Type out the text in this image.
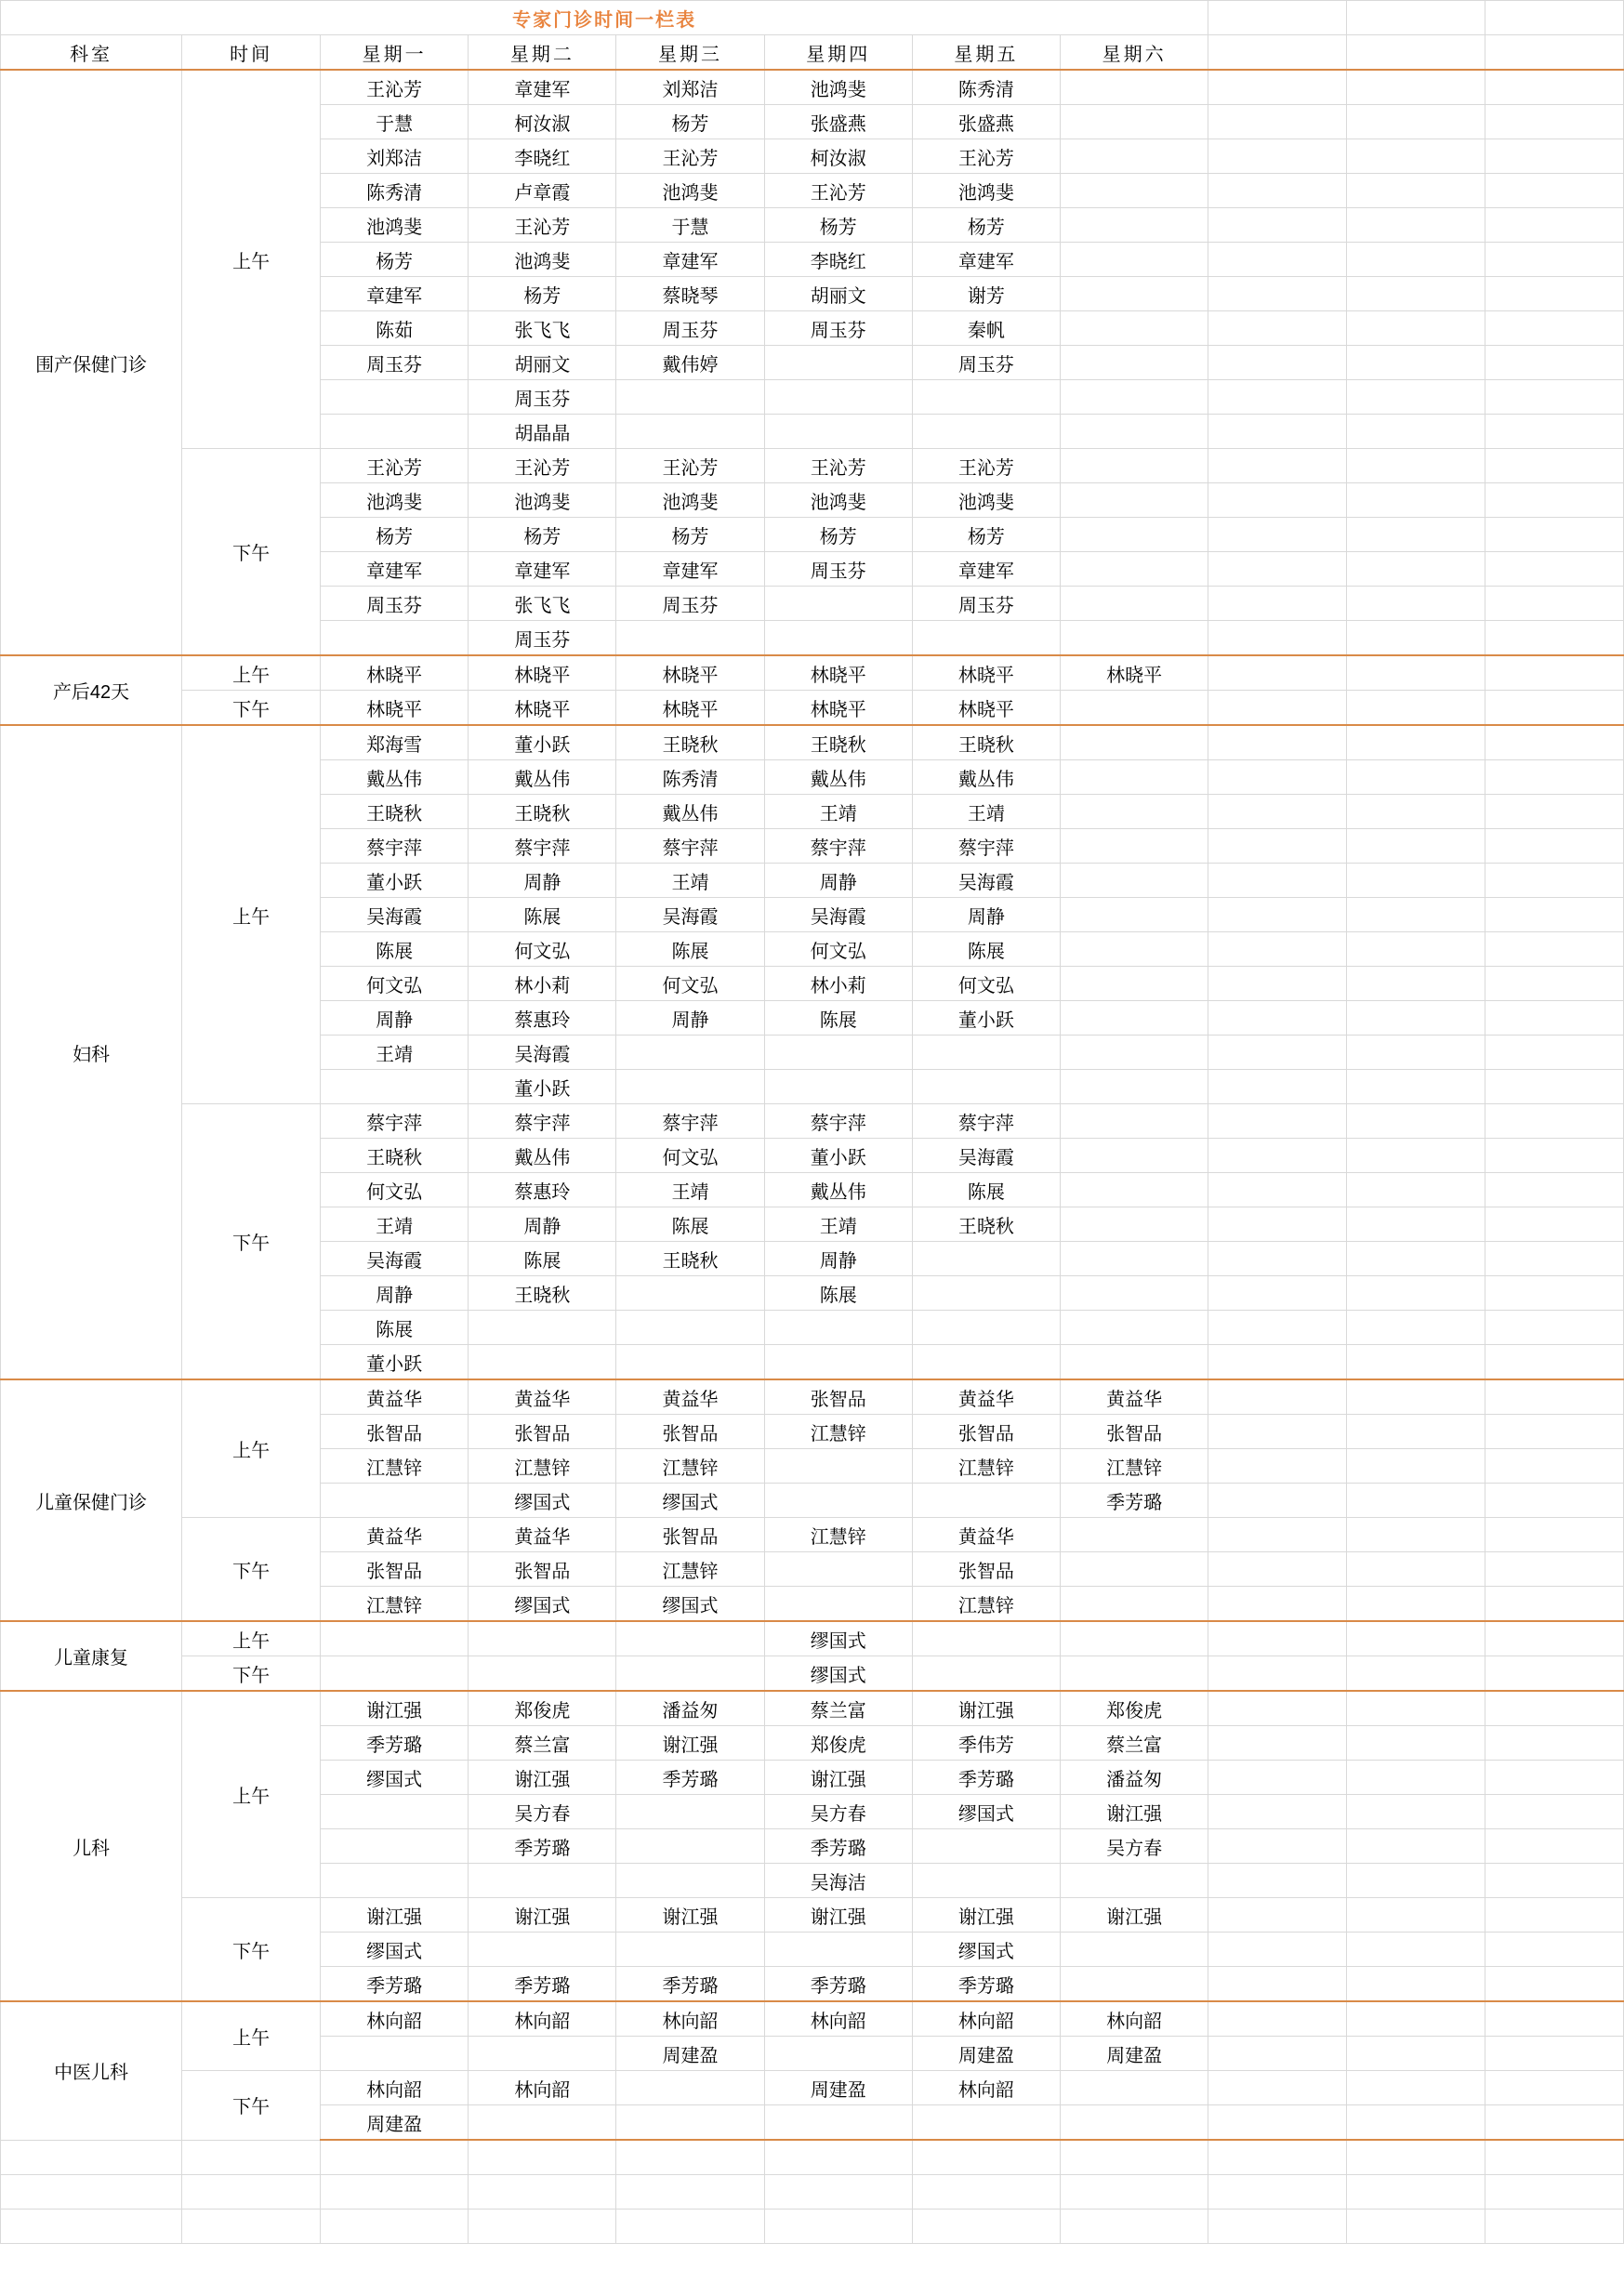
专家门诊时间一栏表										
科室	时间	星期一	星期二	星期三	星期四	星期五	星期六			
围产保健门诊	上午	王沁芳	章建军	刘郑洁	池鸿斐	陈秀清				
		于慧	柯汝淑	杨芳	张盛燕	张盛燕				
		刘郑洁	李晓红	王沁芳	柯汝淑	王沁芳				
		陈秀清	卢章霞	池鸿斐	王沁芳	池鸿斐				
		池鸿斐	王沁芳	于慧	杨芳	杨芳				
		杨芳	池鸿斐	章建军	李晓红	章建军				
		章建军	杨芳	蔡晓琴	胡丽文	谢芳				
		陈茹	张飞飞	周玉芬	周玉芬	秦帆				
		周玉芬	胡丽文	戴伟婷		周玉芬				
			周玉芬							
			胡晶晶							
	下午	王沁芳	王沁芳	王沁芳	王沁芳	王沁芳				
		池鸿斐	池鸿斐	池鸿斐	池鸿斐	池鸿斐				
		杨芳	杨芳	杨芳	杨芳	杨芳				
		章建军	章建军	章建军	周玉芬	章建军				
		周玉芬	张飞飞	周玉芬		周玉芬				
			周玉芬							
产后42天	上午	林晓平	林晓平	林晓平	林晓平	林晓平	林晓平			
	下午	林晓平	林晓平	林晓平	林晓平	林晓平				
妇科	上午	郑海雪	董小跃	王晓秋	王晓秋	王晓秋				
		戴丛伟	戴丛伟	陈秀清	戴丛伟	戴丛伟				
		王晓秋	王晓秋	戴丛伟	王靖	王靖				
		蔡宇萍	蔡宇萍	蔡宇萍	蔡宇萍	蔡宇萍				
		董小跃	周静	王靖	周静	吴海霞				
		吴海霞	陈展	吴海霞	吴海霞	周静				
		陈展	何文弘	陈展	何文弘	陈展				
		何文弘	林小莉	何文弘	林小莉	何文弘				
		周静	蔡惠玲	周静	陈展	董小跃				
		王靖	吴海霞							
			董小跃							
	下午	蔡宇萍	蔡宇萍	蔡宇萍	蔡宇萍	蔡宇萍				
		王晓秋	戴丛伟	何文弘	董小跃	吴海霞				
		何文弘	蔡惠玲	王靖	戴丛伟	陈展				
		王靖	周静	陈展	王靖	王晓秋				
		吴海霞	陈展	王晓秋	周静					
		周静	王晓秋		陈展					
		陈展								
		董小跃								
儿童保健门诊	上午	黄益华	黄益华	黄益华	张智品	黄益华	黄益华			
		张智品	张智品	张智品	江慧锌	张智品	张智品			
		江慧锌	江慧锌	江慧锌		江慧锌	江慧锌			
			缪国式	缪国式			季芳璐			
	下午	黄益华	黄益华	张智品	江慧锌	黄益华				
		张智品	张智品	江慧锌		张智品				
		江慧锌	缪国式	缪国式		江慧锌				
儿童康复	上午				缪国式					
	下午				缪国式					
儿科	上午	谢江强	郑俊虎	潘益匆	蔡兰富	谢江强	郑俊虎			
		季芳璐	蔡兰富	谢江强	郑俊虎	季伟芳	蔡兰富			
		缪国式	谢江强	季芳璐	谢江强	季芳璐	潘益匆			
			吴方春		吴方春	缪国式	谢江强			
			季芳璐		季芳璐		吴方春			
					吴海洁					
	下午	谢江强	谢江强	谢江强	谢江强	谢江强	谢江强			
		缪国式				缪国式				
		季芳璐	季芳璐	季芳璐	季芳璐	季芳璐				
中医儿科	上午	林向韶	林向韶	林向韶	林向韶	林向韶	林向韶			
				周建盈		周建盈	周建盈			
	下午	林向韶	林向韶		周建盈	林向韶				
		周建盈								
